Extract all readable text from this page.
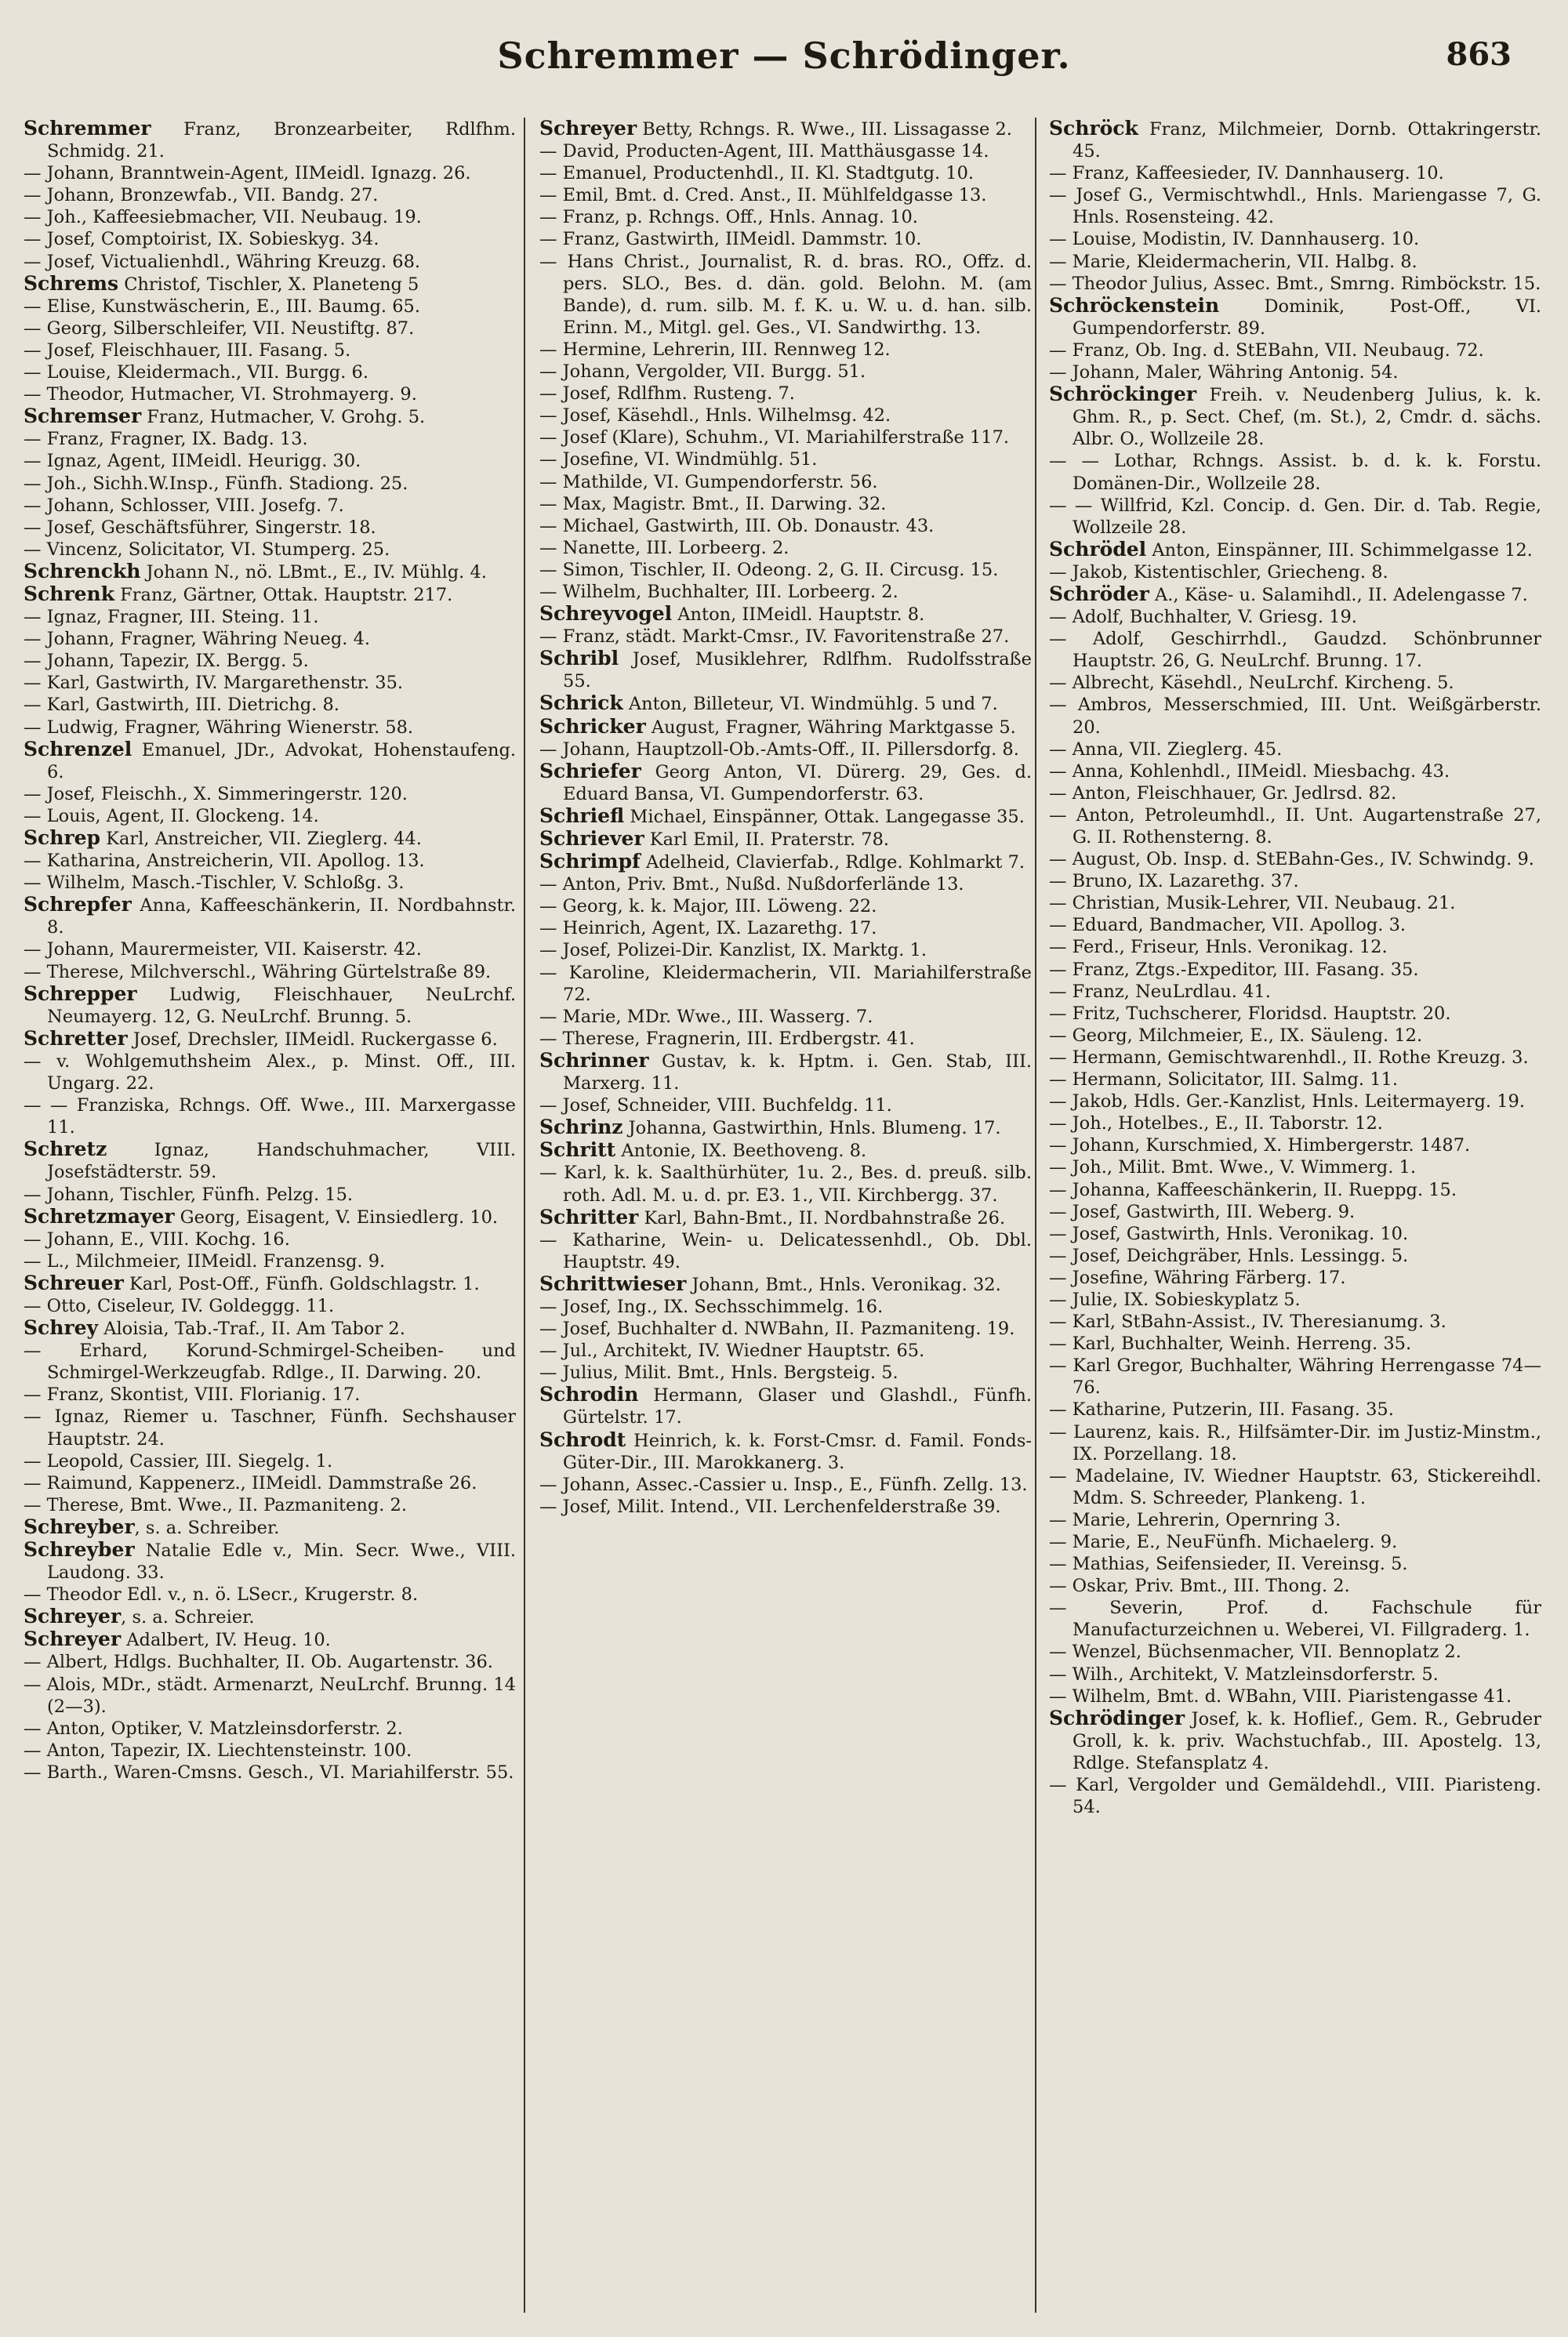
Schremmer — Schrödinger.	863

Schremmer Franz, Bronzearbeiter, Rdlfhm. Schmidg. 21.

— Johann, Branntwein-Agent, IIMeidl. Ignazg. 26.

— Johann, Bronzewfab., VII. Bandg. 27.

— Joh., Kaffeesiebmacher, VII. Neubaug. 19.

— Josef, Comptoirist, IX. Sobieskyg. 34.

— Josef, Victualienhdl., Währing Kreuzg. 68.

Schrems Christof, Tischler, X. Planeteng 5

— Elise, Kunstwäscherin, E., III. Baumg. 65.

— Georg, Silberschleifer, VII. Neustiftg. 87.

— Josef, Fleischhauer, III. Fasang. 5.

— Louise, Kleidermach., VII. Burgg. 6.

— Theodor, Hutmacher, VI. Strohmayerg. 9.

Schremser Franz, Hutmacher, V. Grohg. 5.

— Franz, Fragner, IX. Badg. 13.

— Ignaz, Agent, IIMeidl. Heurigg. 30.

— Joh., Sichh.W.Insp., Fünfh. Stadiong. 25.

— Johann, Schlosser, VIII. Josefg. 7.

— Josef, Geschäftsführer, Singerstr. 18.

— Vincenz, Solicitator, VI. Stumperg. 25.

Schrenckh Johann N., nö. LBmt., E., IV. Mühlg. 4.

Schrenk Franz, Gärtner, Ottak. Hauptstr. 217.

— Ignaz, Fragner, III. Steing. 11.

— Johann, Fragner, Währing Neueg. 4.

— Johann, Tapezir, IX. Bergg. 5.

— Karl, Gastwirth, IV. Margarethenstr. 35.

— Karl, Gastwirth, III. Dietrichg. 8.

— Ludwig, Fragner, Währing Wienerstr. 58.

Schrenzel Emanuel, JDr., Advokat, Hohenstaufeng. 6.

— Josef, Fleischh., X. Simmeringerstr. 120.

— Louis, Agent, II. Glockeng. 14.

Schrep Karl, Anstreicher, VII. Zieglerg. 44.

— Katharina, Anstreicherin, VII. Apollog. 13.

— Wilhelm, Masch.-Tischler, V. Schloßg. 3.

Schrepfer Anna, Kaffeeschänkerin, II. Nordbahnstr. 8.

— Johann, Maurermeister, VII. Kaiserstr. 42.

— Therese, Milchverschl., Währing Gürtelstraße 89.

Schrepper Ludwig, Fleischhauer, NeuLrchf. Neumayerg. 12, G. NeuLrchf. Brunng. 5.

Schretter Josef, Drechsler, IIMeidl. Ruckergasse 6.

— v. Wohlgemuthsheim Alex., p. Minst. Off., III. Ungarg. 22.

— — Franziska, Rchngs. Off. Wwe., III. Marxergasse 11.

Schretz Ignaz, Handschuhmacher, VIII. Josefstädterstr. 59.

— Johann, Tischler, Fünfh. Pelzg. 15.

Schretzmayer Georg, Eisagent, V. Einsiedlerg. 10.

— Johann, E., VIII. Kochg. 16.

— L., Milchmeier, IIMeidl. Franzensg. 9.

Schreuer Karl, Post-Off., Fünfh. Goldschlagstr. 1.

— Otto, Ciseleur, IV. Goldeggg. 11.

Schrey Aloisia, Tab.-Traf., II. Am Tabor 2.

— Erhard, Korund-Schmirgel-Scheiben- und Schmirgel-Werkzeugfab. Rdlge., II. Darwing. 20.

— Franz, Skontist, VIII. Florianig. 17.

— Ignaz, Riemer u. Taschner, Fünfh. Sechshauser Hauptstr. 24.

— Leopold, Cassier, III. Siegelg. 1.

— Raimund, Kappenerz., IIMeidl. Dammstraße 26.

— Therese, Bmt. Wwe., II. Pazmaniteng. 2.

Schreyber, s. a. Schreiber.

Schreyber Natalie Edle v., Min. Secr. Wwe., VIII. Laudong. 33.

— Theodor Edl. v., n. ö. LSecr., Krugerstr. 8.

Schreyer, s. a. Schreier.

Schreyer Adalbert, IV. Heug. 10.

— Albert, Hdlgs. Buchhalter, II. Ob. Augartenstr. 36.

— Alois, MDr., städt. Armenarzt, NeuLrchf. Brunng. 14 (2—3).

— Anton, Optiker, V. Matzleinsdorferstr. 2.

— Anton, Tapezir, IX. Liechtensteinstr. 100.

— Barth., Waren-Cmsns. Gesch., VI. Mariahilferstr. 55.

Schreyer Betty, Rchngs. R. Wwe., III. Lissagasse 2.

— David, Producten-Agent, III. Matthäusgasse 14.

— Emanuel, Productenhdl., II. Kl. Stadtgutg. 10.

— Emil, Bmt. d. Cred. Anst., II. Mühlfeldgasse 13.

— Franz, p. Rchngs. Off., Hnls. Annag. 10.

— Franz, Gastwirth, IIMeidl. Dammstr. 10.

— Hans Christ., Journalist, R. d. bras. RO., Offz. d. pers. SLO., Bes. d. dän. gold. Belohn. M. (am Bande), d. rum. silb. M. f. K. u. W. u. d. han. silb. Erinn. M., Mitgl. gel. Ges., VI. Sandwirthg. 13.

— Hermine, Lehrerin, III. Rennweg 12.

— Johann, Vergolder, VII. Burgg. 51.

— Josef, Rdlfhm. Rusteng. 7.

— Josef, Käsehdl., Hnls. Wilhelmsg. 42.

— Josef (Klare), Schuhm., VI. Mariahilferstraße 117.

— Josefine, VI. Windmühlg. 51.

— Mathilde, VI. Gumpendorferstr. 56.

— Max, Magistr. Bmt., II. Darwing. 32.

— Michael, Gastwirth, III. Ob. Donaustr. 43.

— Nanette, III. Lorbeerg. 2.

— Simon, Tischler, II. Odeong. 2, G. II. Circusg. 15.

— Wilhelm, Buchhalter, III. Lorbeerg. 2.

Schreyvogel Anton, IIMeidl. Hauptstr. 8.

— Franz, städt. Markt-Cmsr., IV. Favoritenstraße 27.

Schribl Josef, Musiklehrer, Rdlfhm. Rudolfsstraße 55.

Schrick Anton, Billeteur, VI. Windmühlg. 5 und 7.

Schricker August, Fragner, Währing Marktgasse 5.

— Johann, Hauptzoll-Ob.-Amts-Off., II. Pillersdorfg. 8.

Schriefer Georg Anton, VI. Dürerg. 29, Ges. d. Eduard Bansa, VI. Gumpendorferstr. 63.

Schriefl Michael, Einspänner, Ottak. Langegasse 35.

Schriever Karl Emil, II. Praterstr. 78.

Schrimpf Adelheid, Clavierfab., Rdlge. Kohlmarkt 7.

— Anton, Priv. Bmt., Nußd. Nußdorferlände 13.

— Georg, k. k. Major, III. Löweng. 22.

— Heinrich, Agent, IX. Lazarethg. 17.

— Josef, Polizei-Dir. Kanzlist, IX. Marktg. 1.

— Karoline, Kleidermacherin, VII. Mariahilferstraße 72.

— Marie, MDr. Wwe., III. Wasserg. 7.

— Therese, Fragnerin, III. Erdbergstr. 41.

Schrinner Gustav, k. k. Hptm. i. Gen. Stab, III. Marxerg. 11.

— Josef, Schneider, VIII. Buchfeldg. 11.

Schrinz Johanna, Gastwirthin, Hnls. Blumeng. 17.

Schritt Antonie, IX. Beethoveng. 8.

— Karl, k. k. Saalthürhüter, 1u. 2., Bes. d. preuß. silb. roth. Adl. M. u. d. pr. E3. 1., VII. Kirchbergg. 37.

Schritter Karl, Bahn-Bmt., II. Nordbahnstraße 26.

— Katharine, Wein- u. Delicatessenhdl., Ob. Dbl. Hauptstr. 49.

Schrittwieser Johann, Bmt., Hnls. Veronikag. 32.

— Josef, Ing., IX. Sechsschimmelg. 16.

— Josef, Buchhalter d. NWBahn, II. Pazmaniteng. 19.

— Jul., Architekt, IV. Wiedner Hauptstr. 65.

— Julius, Milit. Bmt., Hnls. Bergsteig. 5.

Schrodin Hermann, Glaser und Glashdl., Fünfh. Gürtelstr. 17.

Schrodt Heinrich, k. k. Forst-Cmsr. d. Famil. Fonds-Güter-Dir., III. Marokkanerg. 3.

— Johann, Assec.-Cassier u. Insp., E., Fünfh. Zellg. 13.

— Josef, Milit. Intend., VII. Lerchenfelderstraße 39.

Schröck Franz, Milchmeier, Dornb. Ottakringerstr. 45.

— Franz, Kaffeesieder, IV. Dannhauserg. 10.

— Josef G., Vermischtwhdl., Hnls. Mariengasse 7, G. Hnls. Rosensteing. 42.

— Louise, Modistin, IV. Dannhauserg. 10.

— Marie, Kleidermacherin, VII. Halbg. 8.

— Theodor Julius, Assec. Bmt., Smrng. Rimböckstr. 15.

Schröckenstein Dominik, Post-Off., VI. Gumpendorferstr. 89.

— Franz, Ob. Ing. d. StEBahn, VII. Neubaug. 72.

— Johann, Maler, Währing Antonig. 54.

Schröckinger Freih. v. Neudenberg Julius, k. k. Ghm. R., p. Sect. Chef, (m. St.), 2, Cmdr. d. sächs. Albr. O., Wollzeile 28.

— — Lothar, Rchngs. Assist. b. d. k. k. Forstu. Domänen-Dir., Wollzeile 28.

— — Willfrid, Kzl. Concip. d. Gen. Dir. d. Tab. Regie, Wollzeile 28.

Schrödel Anton, Einspänner, III. Schimmelgasse 12.

— Jakob, Kistentischler, Griecheng. 8.

Schröder A., Käse- u. Salamihdl., II. Adelengasse 7.

— Adolf, Buchhalter, V. Griesg. 19.

— Adolf, Geschirrhdl., Gaudzd. Schönbrunner Hauptstr. 26, G. NeuLrchf. Brunng. 17.

— Albrecht, Käsehdl., NeuLrchf. Kircheng. 5.

— Ambros, Messerschmied, III. Unt. Weißgärberstr. 20.

— Anna, VII. Zieglerg. 45.

— Anna, Kohlenhdl., IIMeidl. Miesbachg. 43.

— Anton, Fleischhauer, Gr. Jedlrsd. 82.

— Anton, Petroleumhdl., II. Unt. Augartenstraße 27, G. II. Rothensterng. 8.

— August, Ob. Insp. d. StEBahn-Ges., IV. Schwindg. 9.

— Bruno, IX. Lazarethg. 37.

— Christian, Musik-Lehrer, VII. Neubaug. 21.

— Eduard, Bandmacher, VII. Apollog. 3.

— Ferd., Friseur, Hnls. Veronikag. 12.

— Franz, Ztgs.-Expeditor, III. Fasang. 35.

— Franz, NeuLrdlau. 41.

— Fritz, Tuchscherer, Floridsd. Hauptstr. 20.

— Georg, Milchmeier, E., IX. Säuleng. 12.

— Hermann, Gemischtwarenhdl., II. Rothe Kreuzg. 3.

— Hermann, Solicitator, III. Salmg. 11.

— Jakob, Hdls. Ger.-Kanzlist, Hnls. Leitermayerg. 19.

— Joh., Hotelbes., E., II. Taborstr. 12.

— Johann, Kurschmied, X. Himbergerstr. 1487.

— Joh., Milit. Bmt. Wwe., V. Wimmerg. 1.

— Johanna, Kaffeeschänkerin, II. Rueppg. 15.

— Josef, Gastwirth, III. Weberg. 9.

— Josef, Gastwirth, Hnls. Veronikag. 10.

— Josef, Deichgräber, Hnls. Lessingg. 5.

— Josefine, Währing Färberg. 17.

— Julie, IX. Sobieskyplatz 5.

— Karl, StBahn-Assist., IV. Theresianumg. 3.

— Karl, Buchhalter, Weinh. Herreng. 35.

— Karl Gregor, Buchhalter, Währing Herrengasse 74—76.

— Katharine, Putzerin, III. Fasang. 35.

— Laurenz, kais. R., Hilfsämter-Dir. im Justiz-Minstm., IX. Porzellang. 18.

— Madelaine, IV. Wiedner Hauptstr. 63, Stickereihdl. Mdm. S. Schreeder, Plankeng. 1.

— Marie, Lehrerin, Opernring 3.

— Marie, E., NeuFünfh. Michaelerg. 9.

— Mathias, Seifensieder, II. Vereinsg. 5.

— Oskar, Priv. Bmt., III. Thong. 2.

— Severin, Prof. d. Fachschule für Manufacturzeichnen u. Weberei, VI. Fillgraderg. 1.

— Wenzel, Büchsenmacher, VII. Bennoplatz 2.

— Wilh., Architekt, V. Matzleinsdorferstr. 5.

— Wilhelm, Bmt. d. WBahn, VIII. Piaristengasse 41.

Schrödinger Josef, k. k. Hoflief., Gem. R., Gebruder Groll, k. k. priv. Wachstuchfab., III. Apostelg. 13, Rdlge. Stefansplatz 4.

— Karl, Vergolder und Gemäldehdl., VIII. Piaristeng. 54.
